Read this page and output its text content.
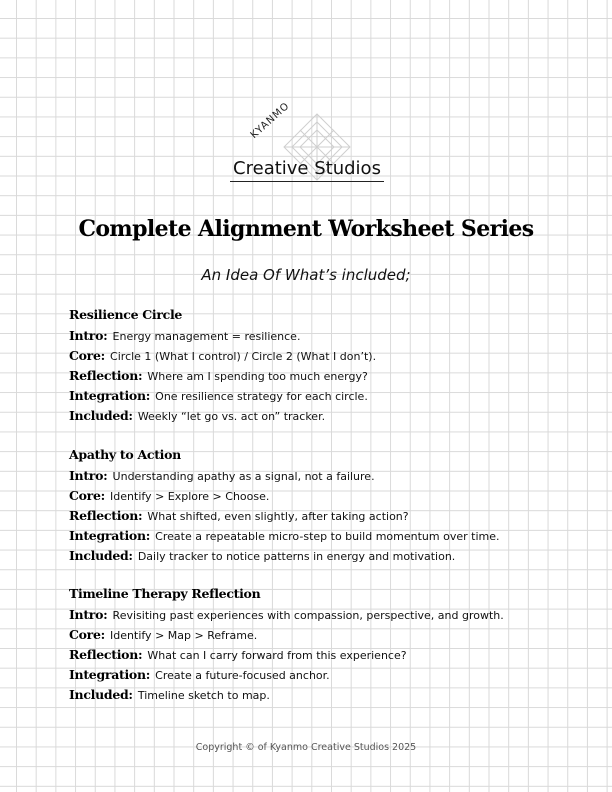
KYANMO
Creative Studios
Complete Alignment Worksheet Series
An Idea Of What’s included;
Resilience Circle
Intro: Energy management = resilience.
Core: Circle 1 (What I control) / Circle 2 (What I don’t).
Reflection: Where am I spending too much energy?
Integration: One resilience strategy for each circle.
Included: Weekly “let go vs. act on” tracker.
Apathy to Action
Intro: Understanding apathy as a signal, not a failure.
Core: Identify > Explore > Choose.
Reflection: What shifted, even slightly, after taking action?
Integration: Create a repeatable micro-step to build momentum over time.
Included: Daily tracker to notice patterns in energy and motivation.
Timeline Therapy Reflection
Intro: Revisiting past experiences with compassion, perspective, and growth.
Core: Identify > Map > Reframe.
Reflection: What can I carry forward from this experience?
Integration: Create a future-focused anchor.
Included: Timeline sketch to map.
Copyright © of Kyanmo Creative Studios 2025
